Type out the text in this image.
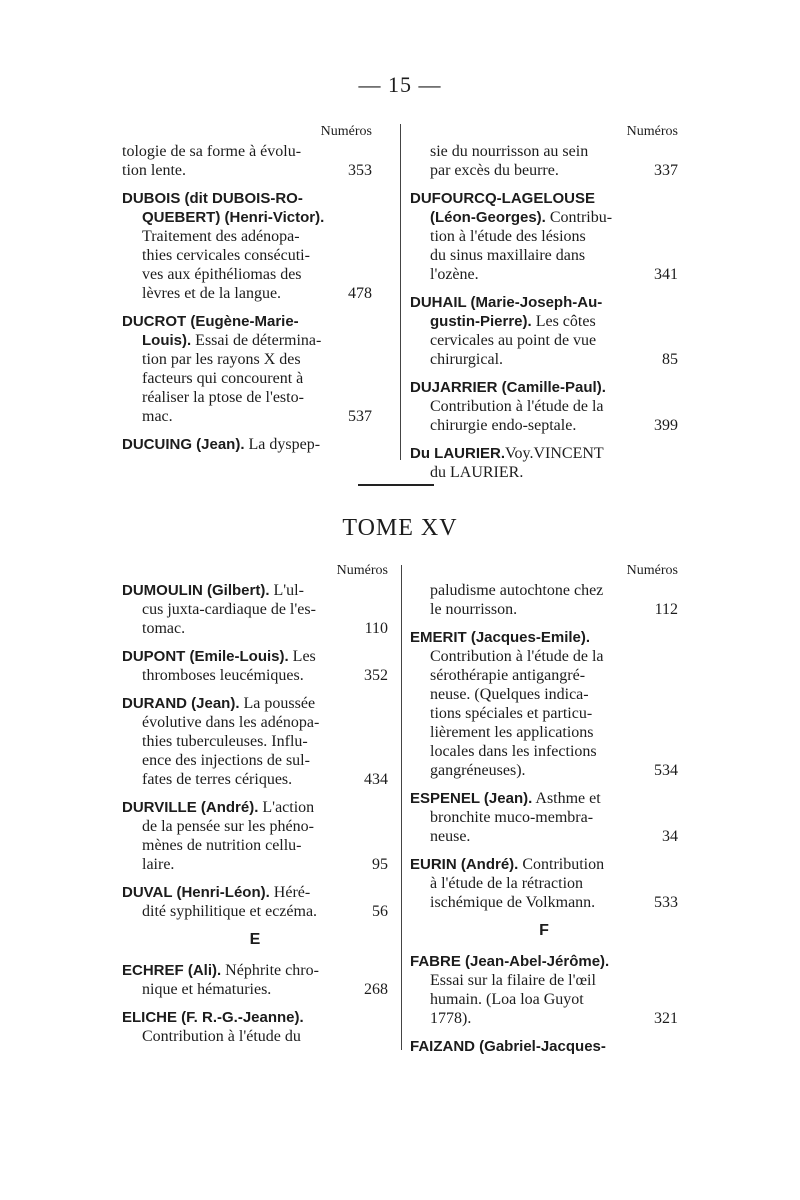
— 15 —
Numéros
tologie de sa forme à évolu-
tion lente.	353
DUBOIS (dit DUBOIS-RO-
QUEBERT) (Henri-Victor).
Traitement des adénopa-
thies cervicales consécuti-
ves aux épithéliomas des
lèvres et de la langue.	478
DUCROT (Eugène-Marie-
Louis). Essai de détermina-
tion par les rayons X des
facteurs qui concourent à
réaliser la ptose de l'esto-
mac.	537
DUCUING (Jean). La dyspep-
Numéros
sie du nourrisson au sein
par excès du beurre.	337
DUFOURCQ-LAGELOUSE
(Léon-Georges). Contribu-
tion à l'étude des lésions
du sinus maxillaire dans
l'ozène.	341
DUHAIL (Marie-Joseph-Au-
gustin-Pierre). Les côtes
cervicales au point de vue
chirurgical.	85
DUJARRIER (Camille-Paul).
Contribution à l'étude de la
chirurgie endo-septale.	399
Du LAURIER.Voy.VINCENT
du LAURIER.
TOME XV
Numéros
DUMOULIN (Gilbert). L'ul-
cus juxta-cardiaque de l'es-
tomac.	110
DUPONT (Emile-Louis). Les
thromboses leucémiques.	352
DURAND (Jean). La poussée
évolutive dans les adénopa-
thies tuberculeuses. Influ-
ence des injections de sul-
fates de terres cériques.	434
DURVILLE (André). L'action
de la pensée sur les phéno-
mènes de nutrition cellu-
laire.	95
DUVAL (Henri-Léon). Héré-
dité syphilitique et eczéma.	56
E
ECHREF (Ali). Néphrite chro-
nique et hématuries.	268
ELICHE (F. R.-G.-Jeanne).
Contribution à l'étude du
Numéros
paludisme autochtone chez
le nourrisson.	112
EMERIT (Jacques-Emile).
Contribution à l'étude de la
sérothérapie antigangré-
neuse. (Quelques indica-
tions spéciales et particu-
lièrement les applications
locales dans les infections
gangréneuses).	534
ESPENEL (Jean). Asthme et
bronchite muco-membra-
neuse.	34
EURIN (André). Contribution
à l'étude de la rétraction
ischémique de Volkmann.	533
F
FABRE (Jean-Abel-Jérôme).
Essai sur la filaire de l'œil
humain. (Loa loa Guyot
1778).	321
FAIZAND (Gabriel-Jacques-
